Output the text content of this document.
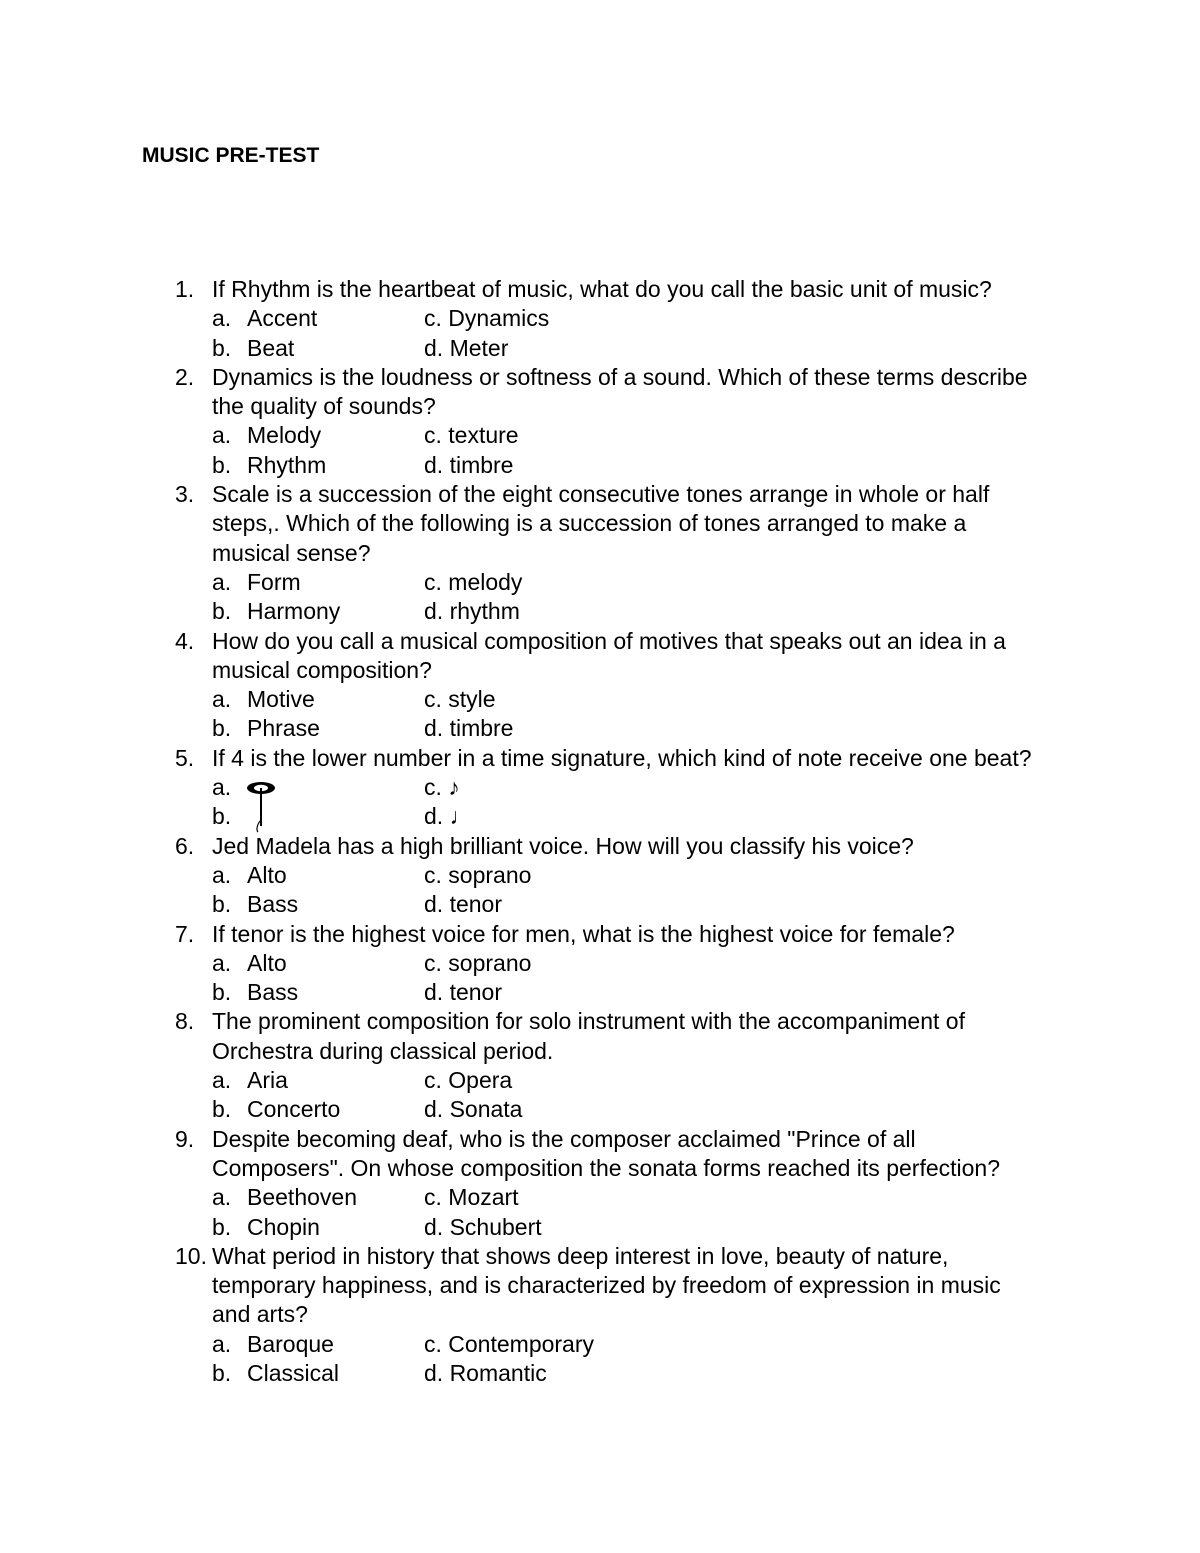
MUSIC PRE-TEST
1. If Rhythm is the heartbeat of music, what do you call the basic unit of music?
a. Accent	c. Dynamics
b. Beat	d. Meter
2. Dynamics is the loudness or softness of a sound. Which of these terms describe
the quality of sounds?
a. Melody	c. texture
b. Rhythm	d. timbre
3. Scale is a succession of the eight consecutive tones arrange in whole or half
steps,. Which of the following is a succession of tones arranged to make a
musical sense?
a. Form	c. melody
b. Harmony	d. rhythm
4. How do you call a musical composition of motives that speaks out an idea in a
musical composition?
a. Motive	c. style
b. Phrase	d. timbre
5. If 4 is the lower number in a time signature, which kind of note receive one beat?
a.	c. ♪
b.	d. ♩
6. Jed Madela has a high brilliant voice. How will you classify his voice?
a. Alto	c. soprano
b. Bass	d. tenor
7. If tenor is the highest voice for men, what is the highest voice for female?
a. Alto	c. soprano
b. Bass	d. tenor
8. The prominent composition for solo instrument with the accompaniment of
Orchestra during classical period.
a. Aria	c. Opera
b. Concerto	d. Sonata
9. Despite becoming deaf, who is the composer acclaimed "Prince of all
Composers". On whose composition the sonata forms reached its perfection?
a. Beethoven	c. Mozart
b. Chopin	d. Schubert
10. What period in history that shows deep interest in love, beauty of nature,
temporary happiness, and is characterized by freedom of expression in music
and arts?
a. Baroque	c. Contemporary
b. Classical	d. Romantic
